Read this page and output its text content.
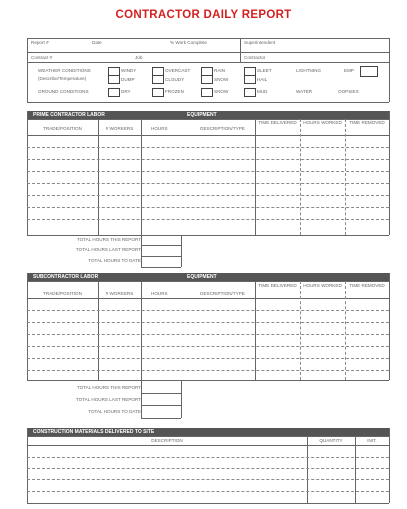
CONTRACTOR DAILY REPORT
Report #	Date	% Work Complete	Superintendent
Contract #	Job	Contractor
WEATHER CONDITIONS
(Describe/Temperature)
GROUND CONDITIONS
WINDY	OVERCAST	RAIN	SLEET	LIGHTNING	EMP
DUMP	CLOUDY	SNOW	HAIL
DRY	FROZEN	SNOW	MUD	WATER	OOPSIES
PRIME CONTRACTOR LABOR	EQUIPMENT
TRADE/POSITION	# WORKERS	HOURS	DESCRIPTION/TYPE
TIME DELIVERED	HOURS WORKED	TIME REMOVED
TOTAL HOURS THIS REPORT
TOTAL HOURS LAST REPORT
TOTAL HOURS TO DATE
SUBCONTRACTOR LABOR	EQUIPMENT
TRADE/POSITION	# WORKERS	HOURS	DESCRIPTION/TYPE
TIME DELIVERED	HOURS WORKED	TIME REMOVED
TOTAL HOURS THIS REPORT
TOTAL HOURS LAST REPORT
TOTAL HOURS TO DATE
CONSTRUCTION MATERIALS DELIVERED TO SITE
DESCRIPTION	QUANTITY	INIT.
